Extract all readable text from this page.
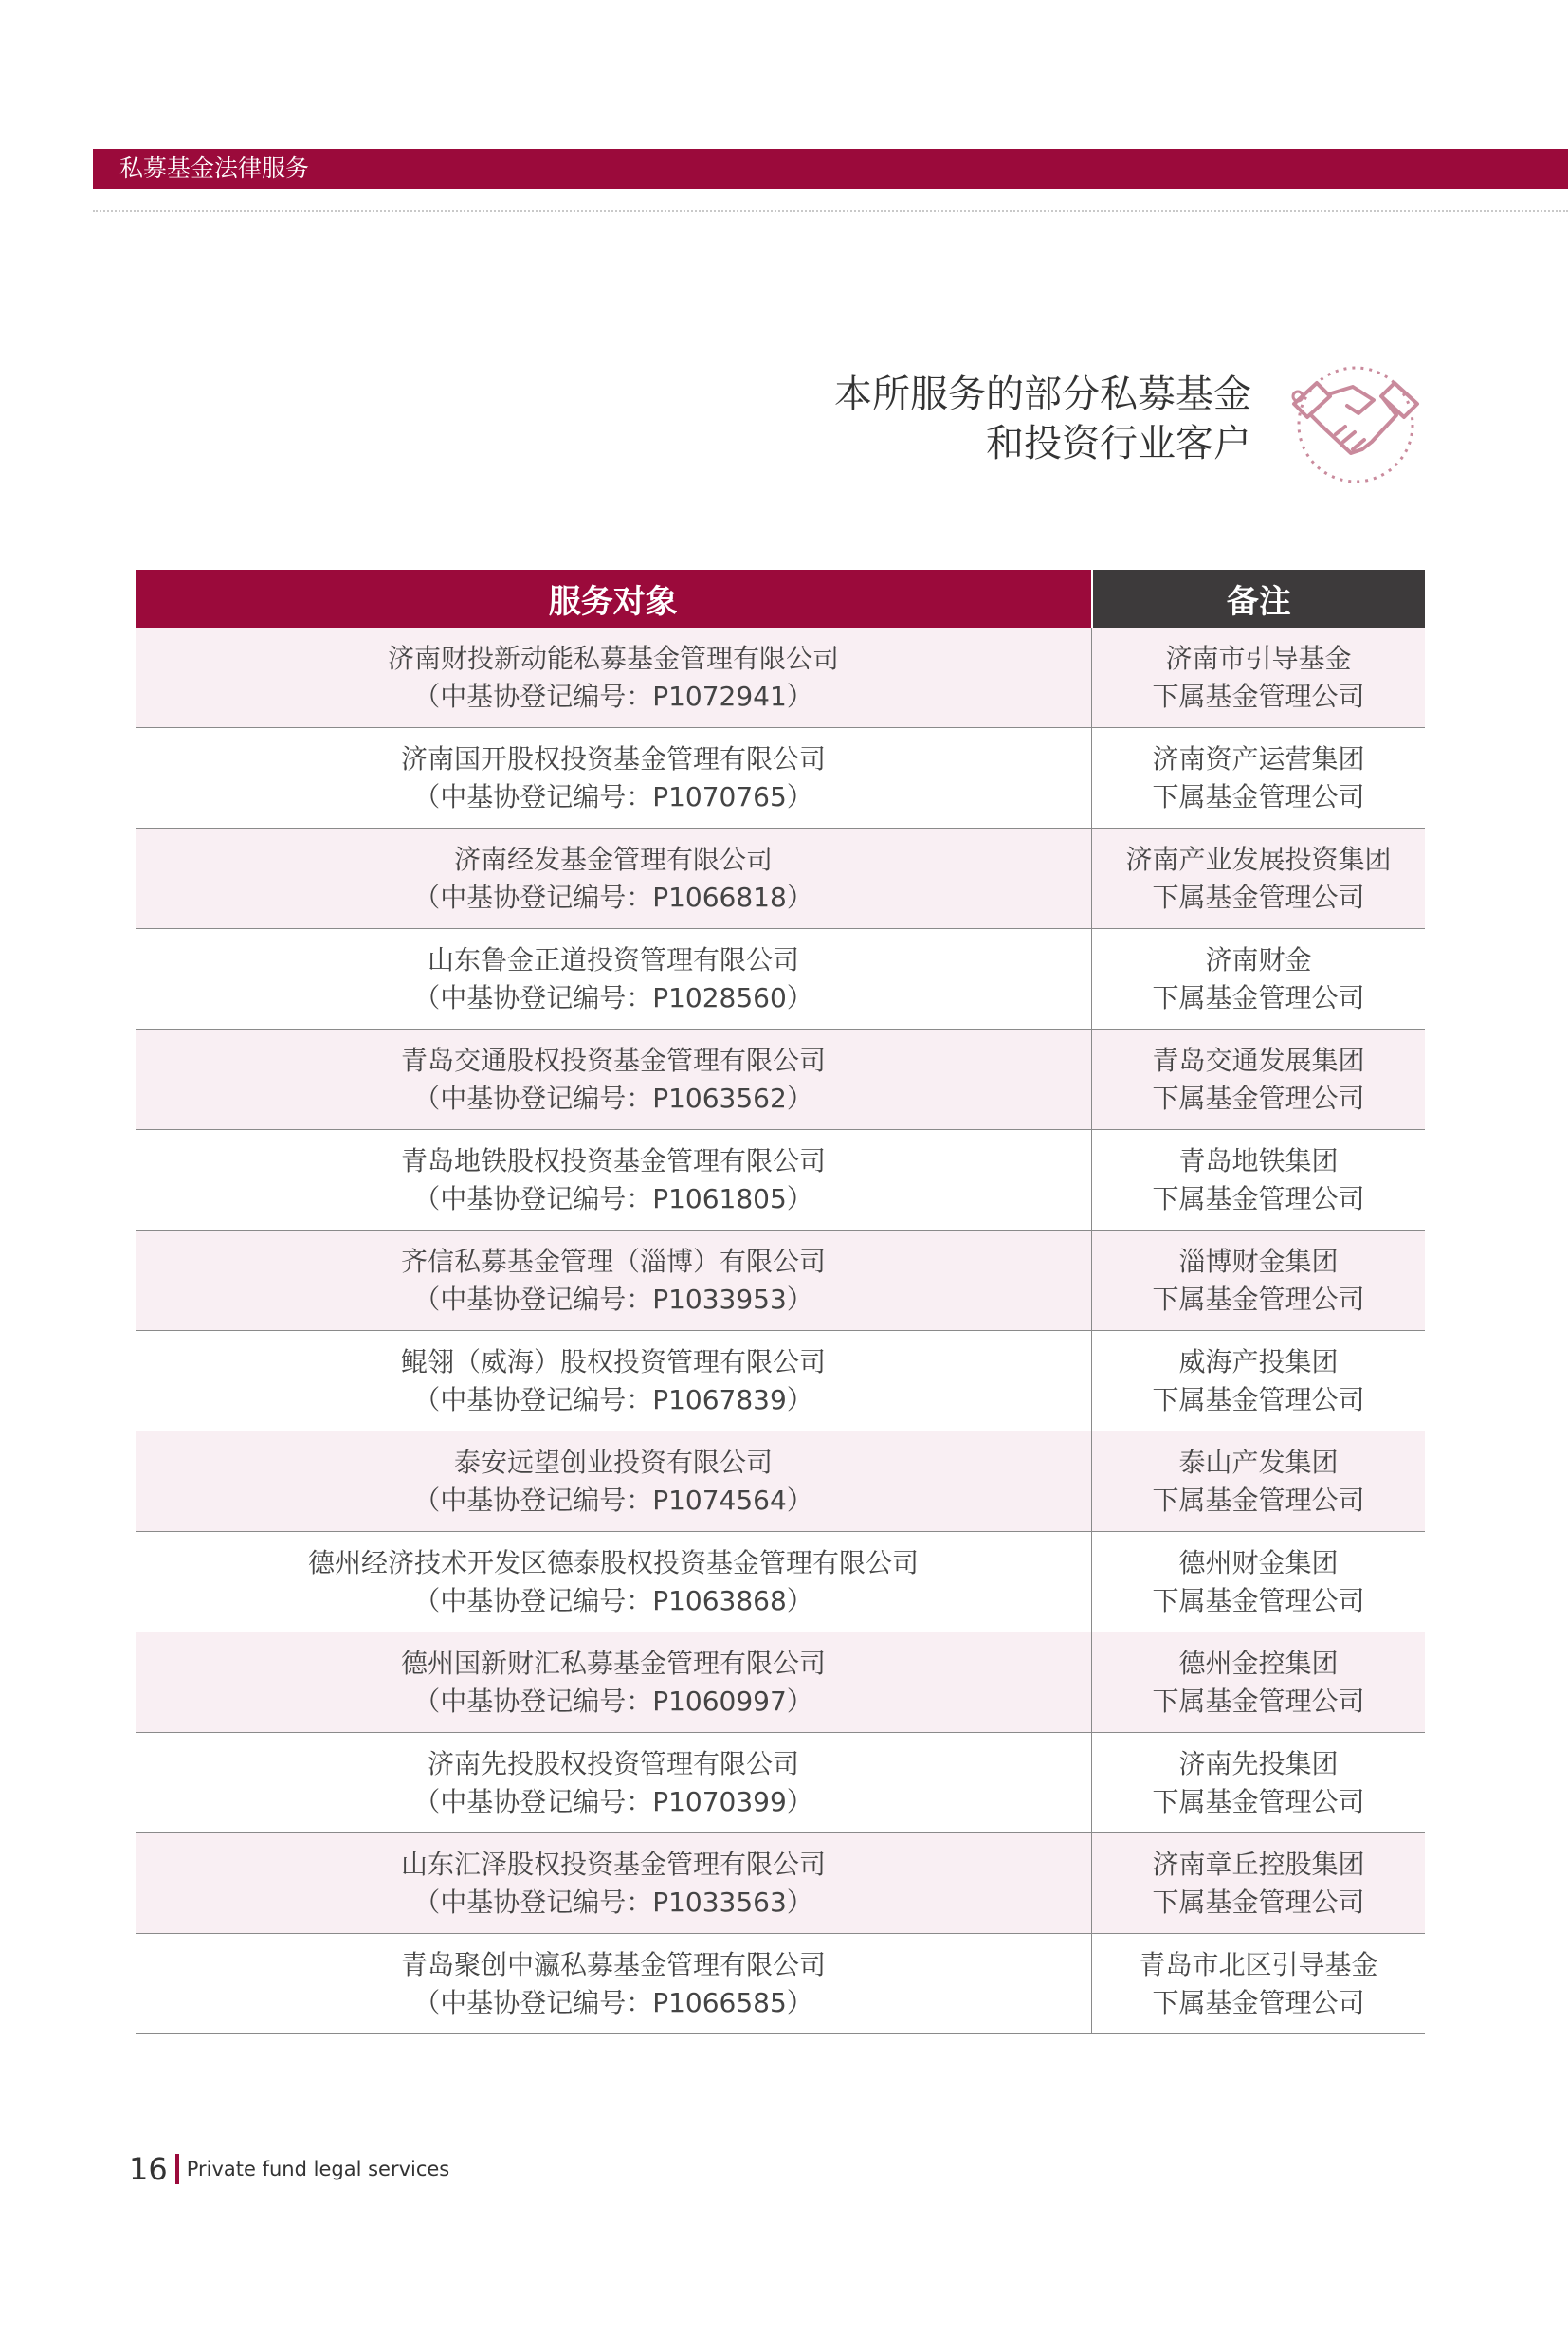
私募基金法律服务
本所服务的部分私募基金
和投资行业客户
服务对象	备注

济南财投新动能私募基金管理有限公司
（中基协登记编号：P1072941）	济南市引导基金
下属基金管理公司

济南国开股权投资基金管理有限公司
（中基协登记编号：P1070765）	济南资产运营集团
下属基金管理公司

济南经发基金管理有限公司
（中基协登记编号：P1066818）	济南产业发展投资集团
下属基金管理公司

山东鲁金正道投资管理有限公司
（中基协登记编号：P1028560）	济南财金
下属基金管理公司

青岛交通股权投资基金管理有限公司
（中基协登记编号：P1063562）	青岛交通发展集团
下属基金管理公司

青岛地铁股权投资基金管理有限公司
（中基协登记编号：P1061805）	青岛地铁集团
下属基金管理公司

齐信私募基金管理（淄博）有限公司
（中基协登记编号：P1033953）	淄博财金集团
下属基金管理公司

鲲翎（威海）股权投资管理有限公司
（中基协登记编号：P1067839）	威海产投集团
下属基金管理公司

泰安远望创业投资有限公司
（中基协登记编号：P1074564）	泰山产发集团
下属基金管理公司

德州经济技术开发区德泰股权投资基金管理有限公司
（中基协登记编号：P1063868）	德州财金集团
下属基金管理公司

德州国新财汇私募基金管理有限公司
（中基协登记编号：P1060997）	德州金控集团
下属基金管理公司

济南先投股权投资管理有限公司
（中基协登记编号：P1070399）	济南先投集团
下属基金管理公司

山东汇泽股权投资基金管理有限公司
（中基协登记编号：P1033563）	济南章丘控股集团
下属基金管理公司

青岛聚创中瀛私募基金管理有限公司
（中基协登记编号：P1066585）	青岛市北区引导基金
下属基金管理公司
16 Private fund legal services
